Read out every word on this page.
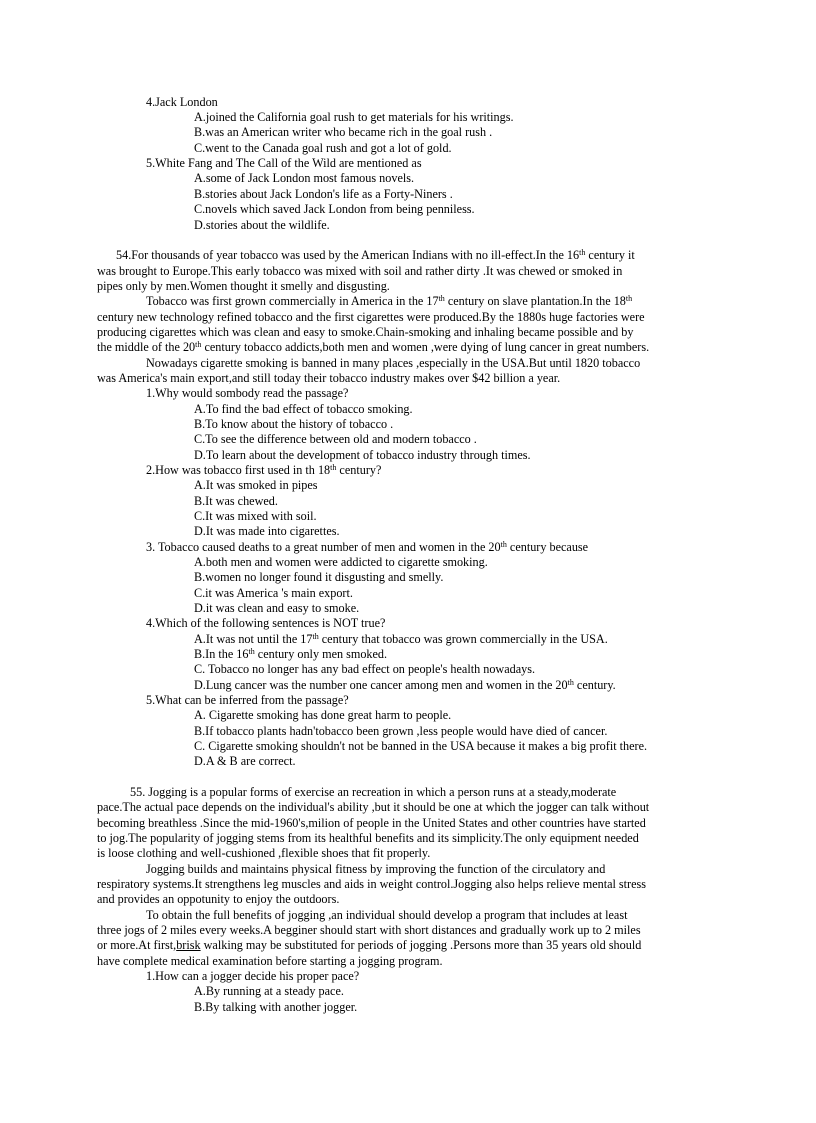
4.Jack London
A.joined the California goal rush to get materials for his writings.
B.was an American writer who became rich in the goal rush .
C.went to the Canada goal rush and got a lot of gold.
5.White Fang and The Call of the Wild are mentioned as
A.some of Jack London most famous novels.
B.stories about Jack London's life as a Forty-Niners .
C.novels which saved Jack London from being penniless.
D.stories about the wildlife.
54.For thousands of year tobacco was used by the American Indians with no ill-effect.In the 16th century it
was brought to Europe.This early tobacco was mixed with soil and rather dirty .It was chewed or smoked in
pipes only by men.Women thought it smelly and disgusting.
Tobacco was first grown commercially in America in the 17th century on slave plantation.In the 18th
century new technology refined tobacco and the first cigarettes were produced.By the 1880s huge factories were
producing cigarettes which was clean and easy to smoke.Chain-smoking and inhaling became possible and by
the middle of the 20th century tobacco addicts,both men and women ,were dying of lung cancer in great numbers.
Nowadays cigarette smoking is banned in many places ,especially in the USA.But until 1820 tobacco
was America's main export,and still today their tobacco industry makes over $42 billion a year.
1.Why would sombody read the passage?
A.To find the bad effect of tobacco smoking.
B.To know about the history of tobacco .
C.To see the difference between old and modern tobacco .
D.To learn about the development of tobacco industry through times.
2.How was tobacco first used in th 18th century?
A.It was smoked in pipes
B.It was chewed.
C.It was mixed with soil.
D.It was made into cigarettes.
3. Tobacco caused deaths to a great number of men and women in the 20th century because
A.both men and women were addicted to cigarette smoking.
B.women no longer found it disgusting and smelly.
C.it was America 's main export.
D.it was clean and easy to smoke.
4.Which of the following sentences is NOT true?
A.It was not until the 17th century that tobacco was grown commercially in the USA.
B.In the 16th century only men smoked.
C. Tobacco no longer has any bad effect on people's health nowadays.
D.Lung cancer was the number one cancer among men and women in the 20th century.
5.What can be inferred from the passage?
A. Cigarette smoking has done great harm to people.
B.If tobacco plants hadn'tobacco been grown ,less people would have died of cancer.
C. Cigarette smoking shouldn't not be banned in the USA because it makes a big profit there.
D.A & B are correct.
55. Jogging is a popular forms of exercise an recreation in which a person runs at a steady,moderate
pace.The actual pace depends on the individual's ability ,but it should be one at which the jogger can talk without
becoming breathless .Since the mid-1960's,milion of people in the United States and other countries have started
to jog.The popularity of jogging stems from its healthful benefits and its simplicity.The only equipment needed
is loose clothing and well-cushioned ,flexible shoes that fit properly.
Jogging builds and maintains physical fitness by improving the function of the circulatory and
respiratory systems.It strengthens leg muscles and aids in weight control.Jogging also helps relieve mental stress
and provides an oppotunity to enjoy the outdoors.
To obtain the full benefits of jogging ,an individual should develop a program that includes at least
three jogs of 2 miles every weeks.A begginer should start with short distances and gradually work up to 2 miles
or more.At first,brisk walking may be substituted for periods of jogging .Persons more than 35 years old should
have complete medical examination before starting a jogging program.
1.How can a jogger decide his proper pace?
A.By running at a steady pace.
B.By talking with another jogger.
